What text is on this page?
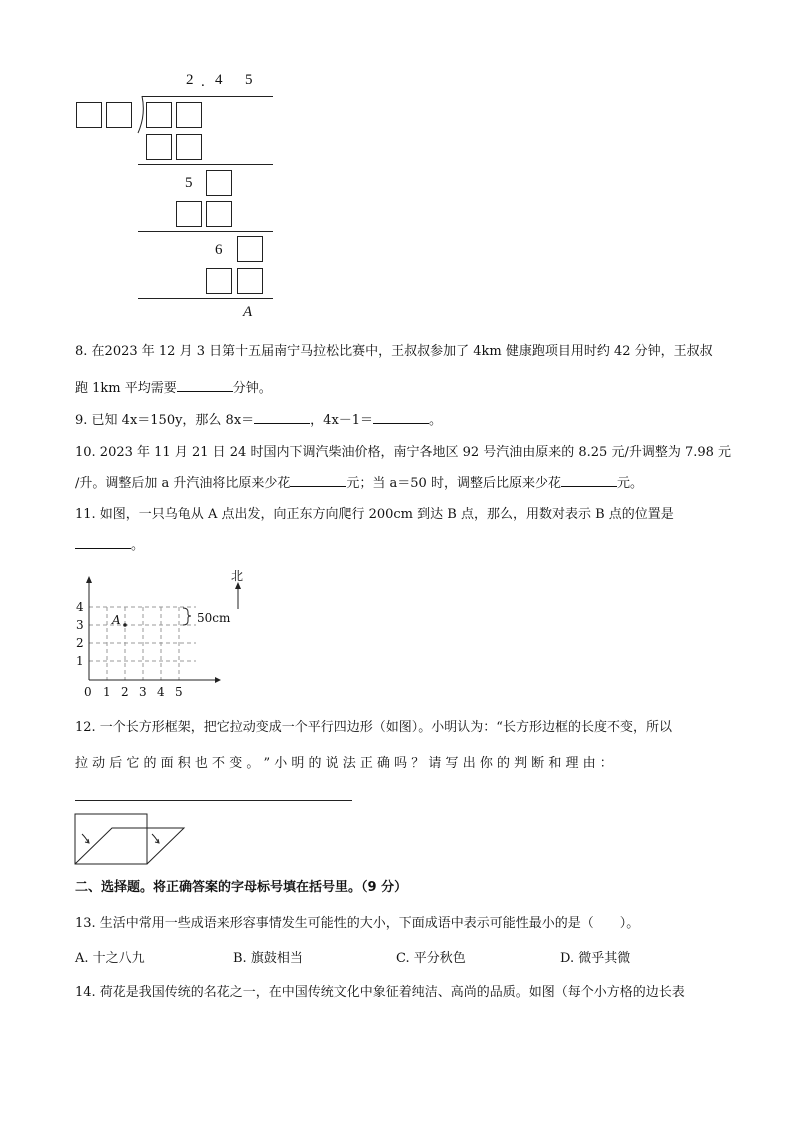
2 . 4 5
5
6
A
8. 在2023 年 12 月 3 日第十五届南宁马拉松比赛中，王叔叔参加了 4km 健康跑项目用时约 42 分钟，王叔叔
跑 1km 平均需要	分钟。
9. 已知 4x＝150y，那么 8x＝	，4x－1＝	。
10. 2023 年 11 月 21 日 24 时国内下调汽柴油价格，南宁各地区 92 号汽油由原来的 8.25 元/升调整为 7.98 元
/升。调整后加 a 升汽油将比原来少花	元；当 a＝50 时，调整后比原来少花	元。
11. 如图，一只乌龟从 A 点出发，向正东方向爬行 200cm 到达 B 点，那么，用数对表示 B 点的位置是
。
4
3
2
1
0 1 2 3 4 5
A	50cm
北
12. 一个长方形框架，把它拉动变成一个平行四边形（如图）。小明认为：“长方形边框的长度不变，所以
拉 动 后 它 的 面 积 也 不 变 。 ” 小 明 的 说 法 正 确 吗 ？ 请 写 出 你 的 判 断 和 理 由 ：
二、选择题。将正确答案的字母标号填在括号里。（9 分）
13. 生活中常用一些成语来形容事情发生可能性的大小，下面成语中表示可能性最小的是（　　）。
A. 十之八九	B. 旗鼓相当	C. 平分秋色	D. 微乎其微
14. 荷花是我国传统的名花之一，在中国传统文化中象征着纯洁、高尚的品质。如图（每个小方格的边长表
